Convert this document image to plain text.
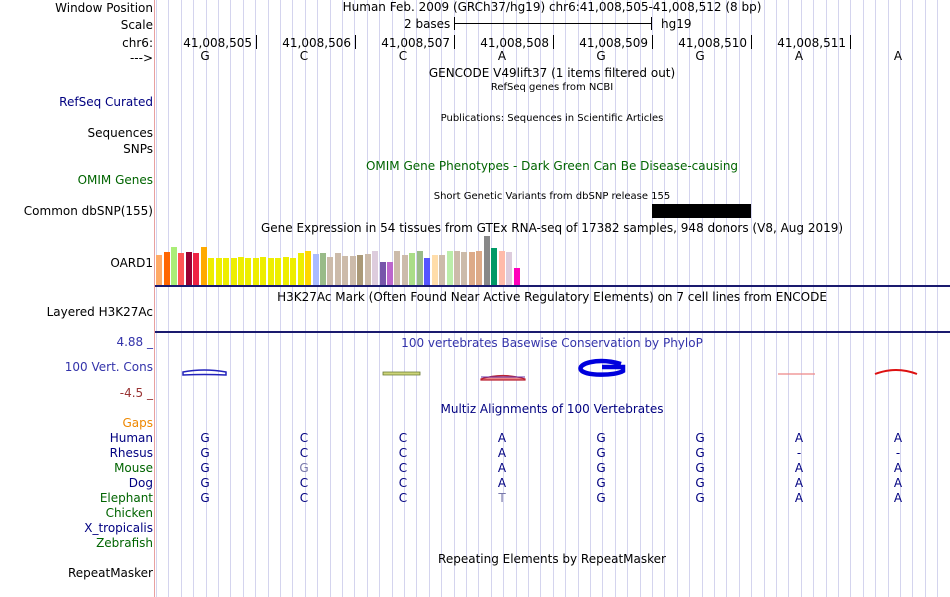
Window Position	Human Feb. 2009 (GRCh37/hg19) chr6:41,008,505-41,008,512 (8 bp)
Scale	2 bases	hg19
chr6:	41,008,505	41,008,506	41,008,507	41,008,508	41,008,509	41,008,510	41,008,511
--->	G	C	C	A	G	G	A	A
GENCODE V49lift37 (1 items filtered out)
RefSeq genes from NCBI
RefSeq Curated
Publications: Sequences in Scientific Articles
Sequences
SNPs
OMIM Gene Phenotypes - Dark Green Can Be Disease-causing
OMIM Genes
Short Genetic Variants from dbSNP release 155
Common dbSNP(155)
Gene Expression in 54 tissues from GTEx RNA-seq of 17382 samples, 948 donors (V8, Aug 2019)
OARD1
H3K27Ac Mark (Often Found Near Active Regulatory Elements) on 7 cell lines from ENCODE
Layered H3K27Ac
100 vertebrates Basewise Conservation by PhyloP
4.88 _
100 Vert. Cons
-4.5 _
Multiz Alignments of 100 Vertebrates
Gaps
Human	G	C	C	A	G	G	A	A
Rhesus	G	C	C	A	G	G	-	-
Mouse	G	G	C	A	G	G	A	A
Dog	G	C	C	A	G	G	A	A
Elephant	G	C	C	T	G	G	A	A
Chicken
X_tropicalis
Zebrafish
Repeating Elements by RepeatMasker
RepeatMasker
